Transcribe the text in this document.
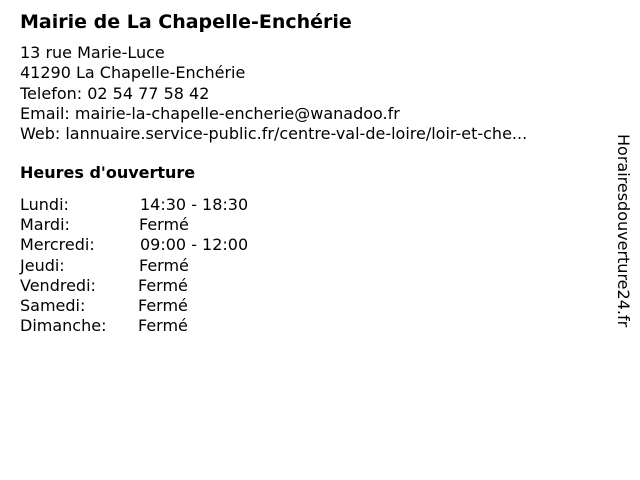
Mairie de La Chapelle-Enchérie
13 rue Marie-Luce
41290 La Chapelle-Enchérie
Telefon: 02 54 77 58 42
Email: mairie-la-chapelle-encherie@wanadoo.fr
Web: lannuaire.service-public.fr/centre-val-de-loire/loir-et-che...
Heures d'ouverture
Lundi:	14:30 - 18:30
Mardi:	Fermé
Mercredi:	09:00 - 12:00
Jeudi:	Fermé
Vendredi:	Fermé
Samedi:	Fermé
Dimanche: Fermé	Horairesdouverture24.fr
